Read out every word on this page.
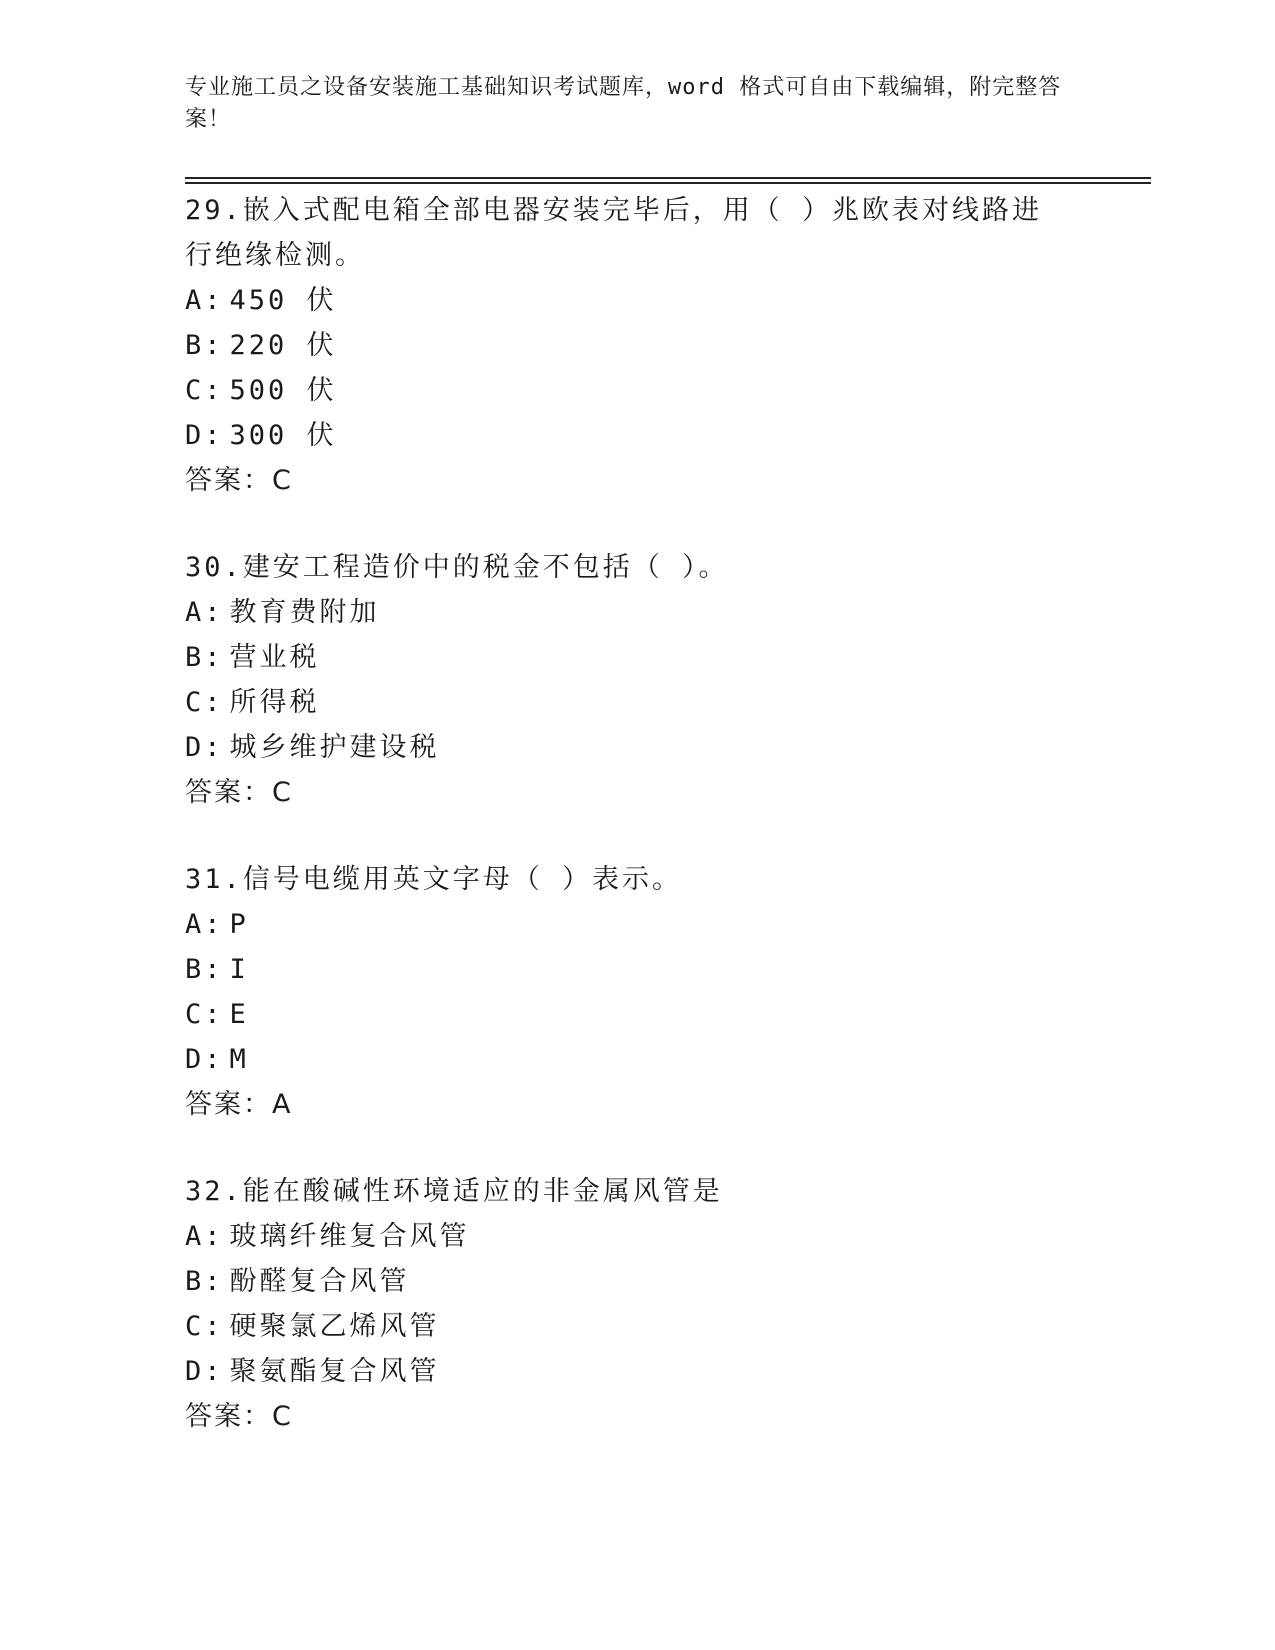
专业施工员之设备安装施工基础知识考试题库，word 格式可自由下载编辑，附完整答案！

29.嵌入式配电箱全部电器安装完毕后，用（ ）兆欧表对线路进行绝缘检测。

A: 450 伏

B: 220 伏

C: 500 伏

D: 300 伏

答案：C

30.建安工程造价中的税金不包括（ ）。

A: 教育费附加

B: 营业税

C: 所得税

D: 城乡维护建设税

答案：C

31.信号电缆用英文字母（ ）表示。

A: P

B: I

C: E

D: M

答案：A

32.能在酸碱性环境适应的非金属风管是

A: 玻璃纤维复合风管

B: 酚醛复合风管

C: 硬聚氯乙烯风管

D: 聚氨酯复合风管

答案：C
